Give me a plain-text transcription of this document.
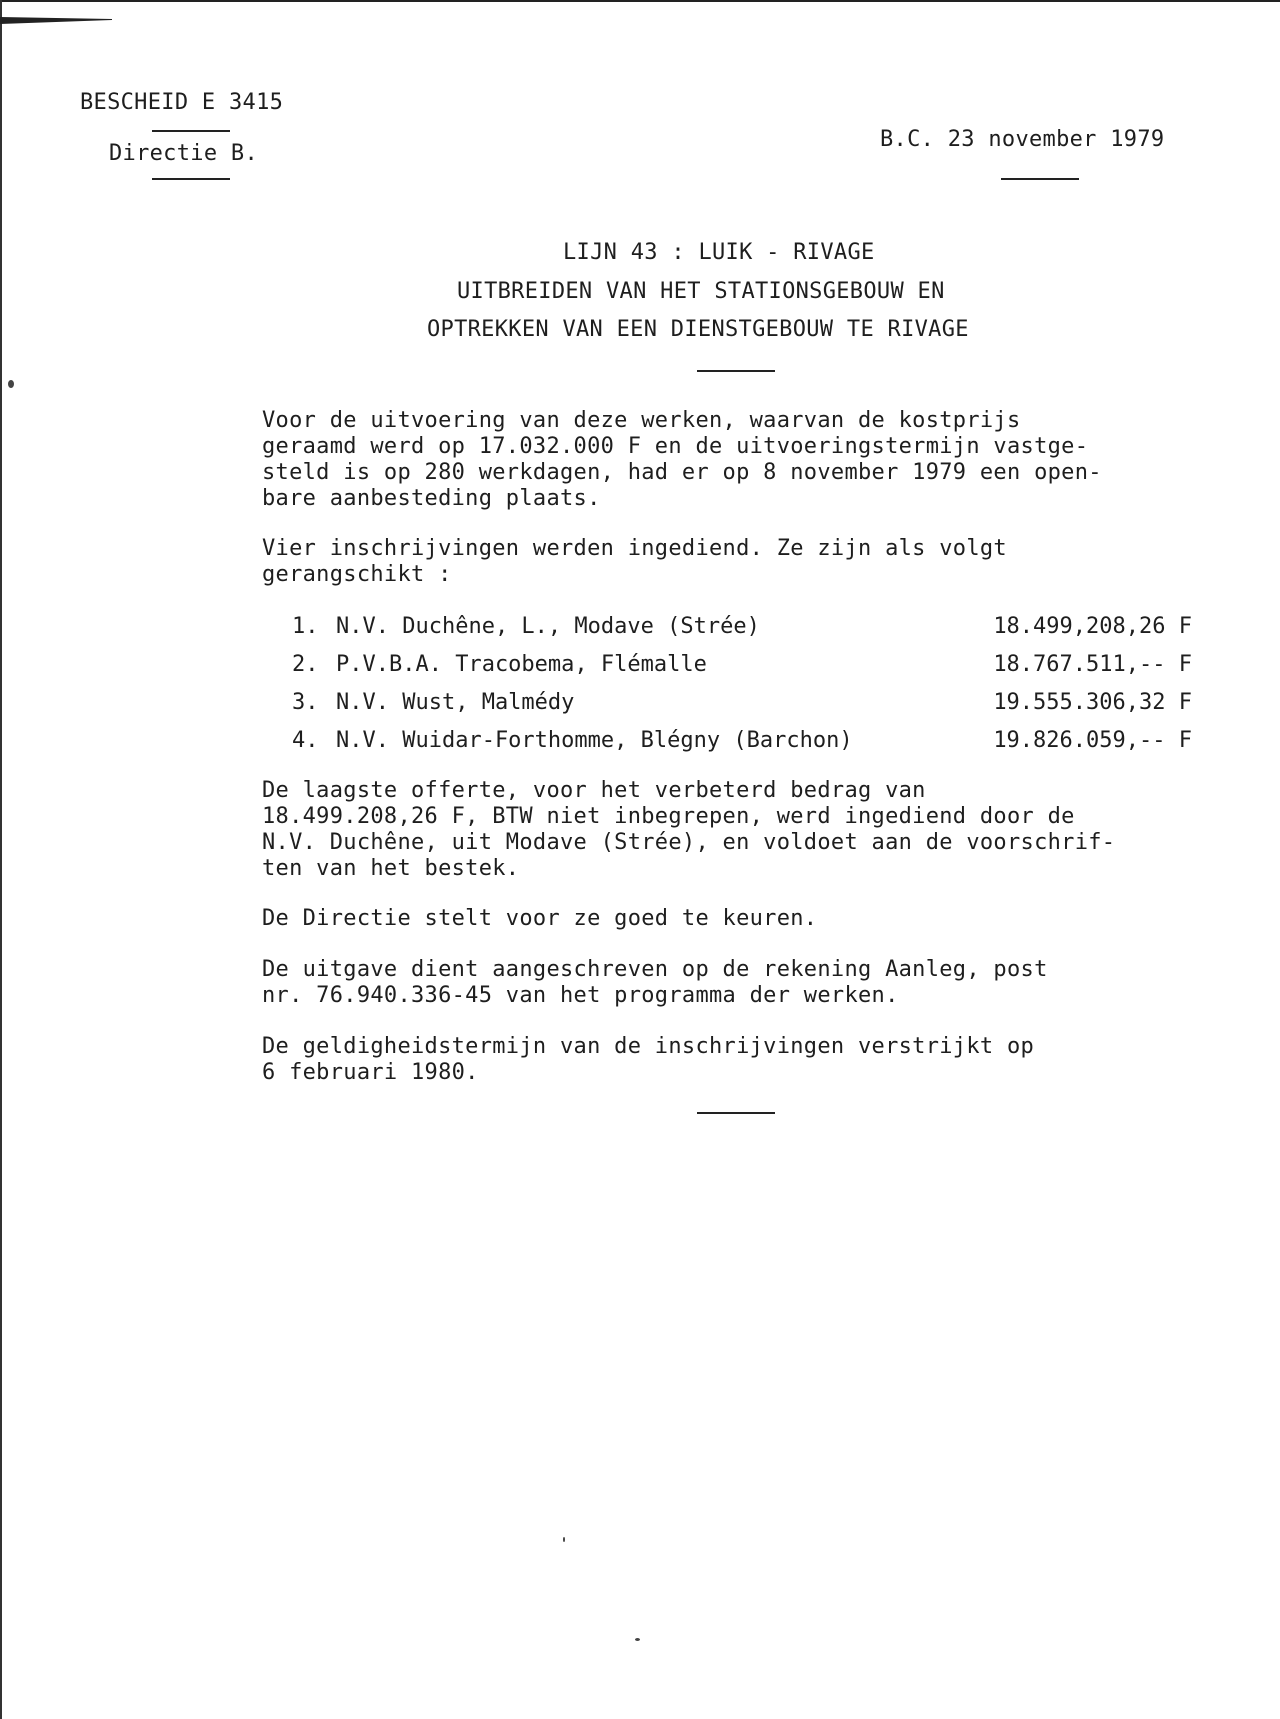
BESCHEID E 3415
Directie B.
B.C. 23 november 1979
LIJN 43 : LUIK - RIVAGE
UITBREIDEN VAN HET STATIONSGEBOUW EN
OPTREKKEN VAN EEN DIENSTGEBOUW TE RIVAGE
Voor de uitvoering van deze werken, waarvan de kostprijs
geraamd werd op 17.032.000 F en de uitvoeringstermijn vastge-
steld is op 280 werkdagen, had er op 8 november 1979 een open-
bare aanbesteding plaats.
Vier inschrijvingen werden ingediend. Ze zijn als volgt
gerangschikt :
1. N.V. Duchêne, L., Modave (Strée)	18.499,208,26 F
2. P.V.B.A. Tracobema, Flémalle	18.767.511,-- F
3. N.V. Wust, Malmédy	19.555.306,32 F
4. N.V. Wuidar-Forthomme, Blégny (Barchon)	19.826.059,-- F
De laagste offerte, voor het verbeterd bedrag van
18.499.208,26 F, BTW niet inbegrepen, werd ingediend door de
N.V. Duchêne, uit Modave (Strée), en voldoet aan de voorschrif-
ten van het bestek.
De Directie stelt voor ze goed te keuren.
De uitgave dient aangeschreven op de rekening Aanleg, post
nr. 76.940.336-45 van het programma der werken.
De geldigheidstermijn van de inschrijvingen verstrijkt op
6 februari 1980.
